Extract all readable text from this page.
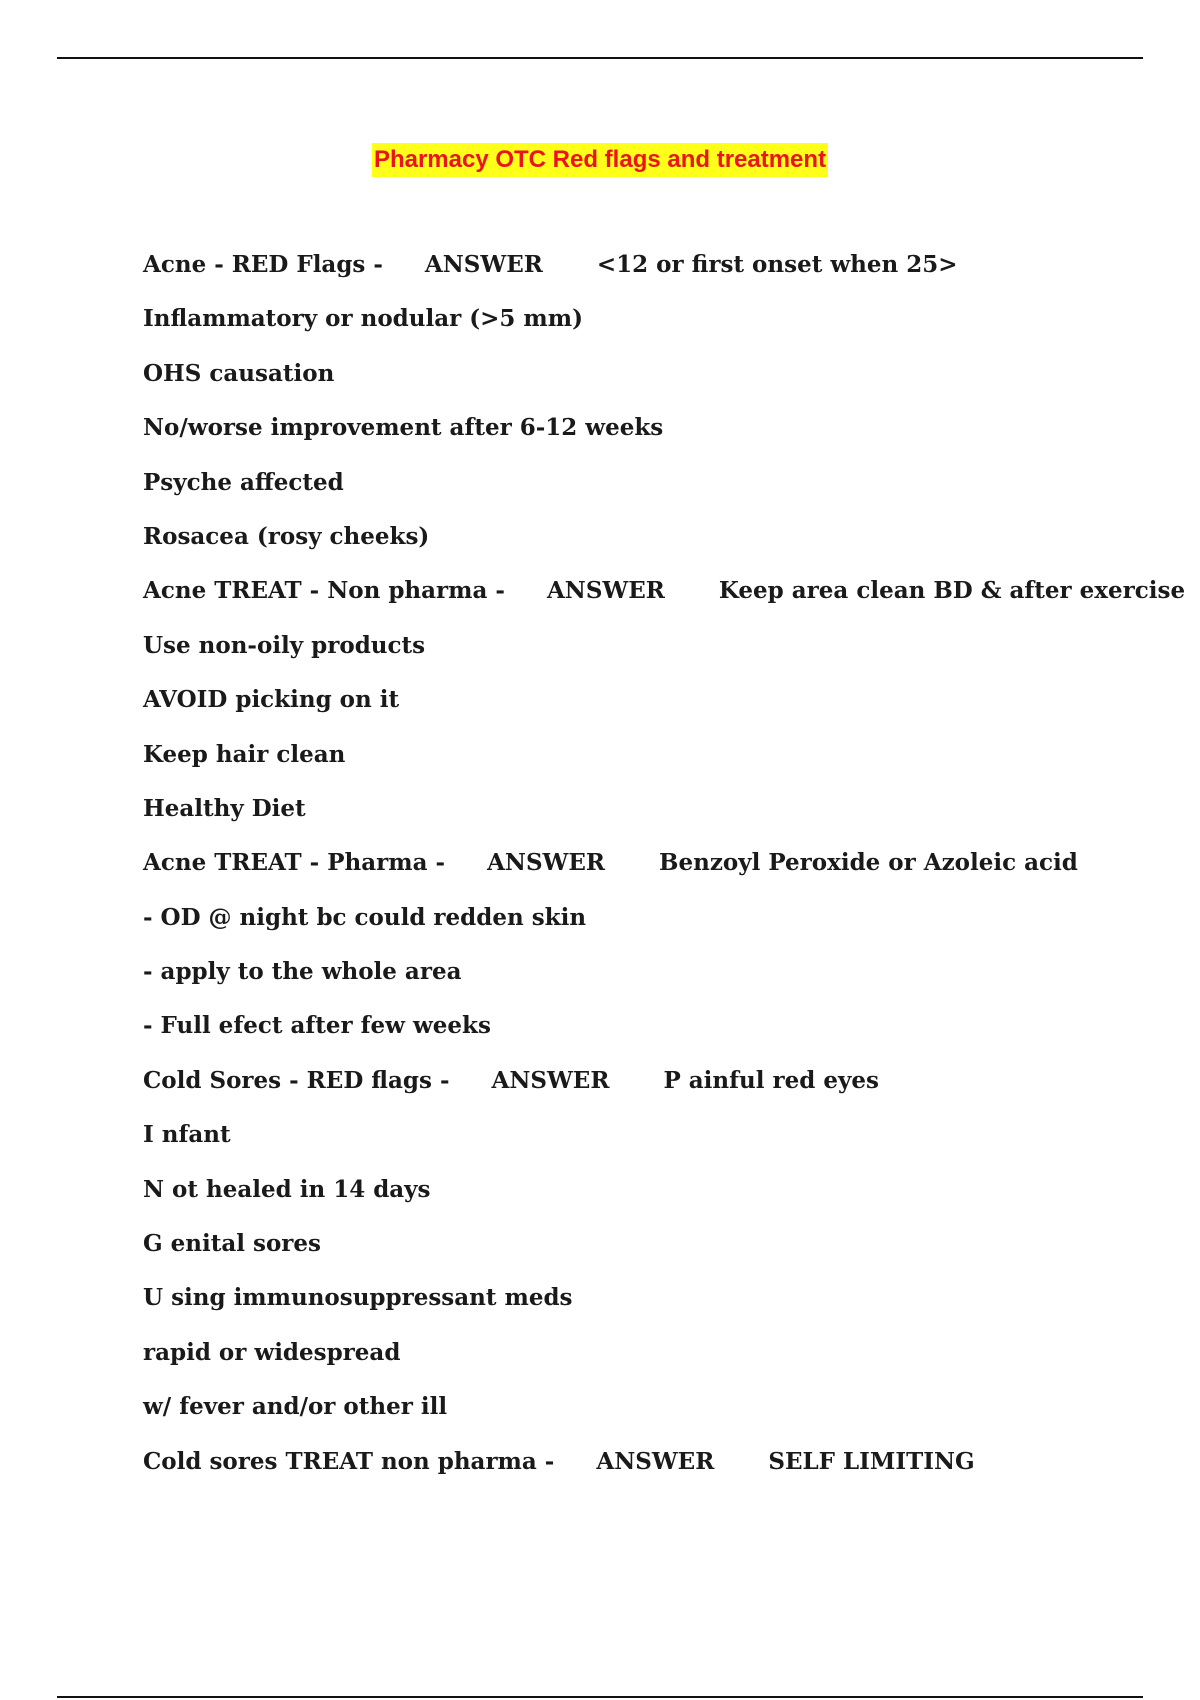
Pharmacy OTC Red flags and treatment
Acne - RED Flags - ANSWER <12 or first onset when 25>
Inflammatory or nodular (>5 mm)
OHS causation
No/worse improvement after 6-12 weeks
Psyche affected
Rosacea (rosy cheeks)
Acne TREAT - Non pharma - ANSWER Keep area clean BD & after exercise
Use non-oily products
AVOID picking on it
Keep hair clean
Healthy Diet
Acne TREAT - Pharma - ANSWER Benzoyl Peroxide or Azoleic acid
- OD @ night bc could redden skin
- apply to the whole area
- Full efect after few weeks
Cold Sores - RED flags - ANSWER P ainful red eyes
I nfant
N ot healed in 14 days
G enital sores
U sing immunosuppressant meds
rapid or widespread
w/ fever and/or other ill
Cold sores TREAT non pharma - ANSWER SELF LIMITING
